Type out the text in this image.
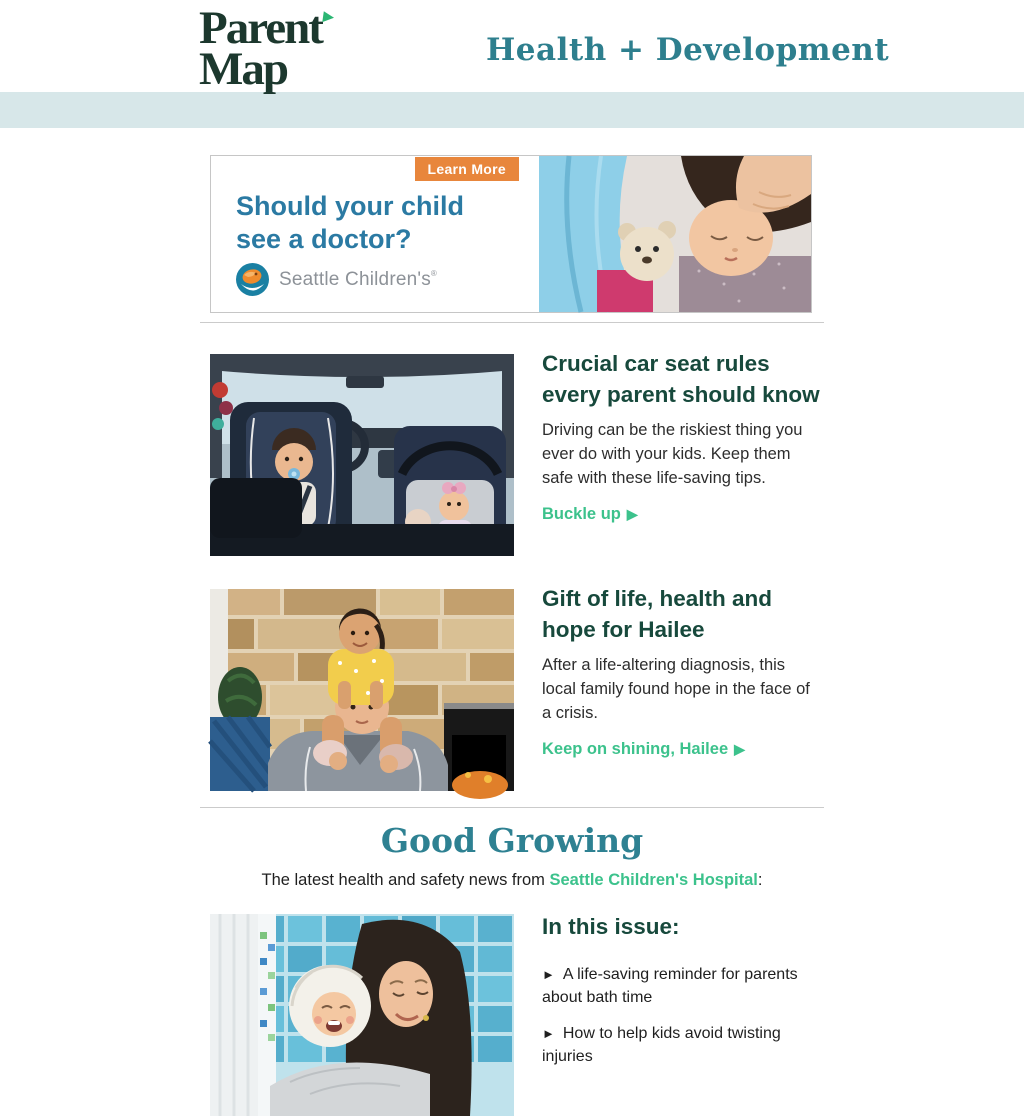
Parent

Map	Health + Development
Learn More
Should your child see a doctor?
Seattle Children's®
Crucial car seat rules every parent should know
Driving can be the riskiest thing you ever do with your kids. Keep them safe with these life-saving tips.
Buckle up ▶
Gift of life, health and hope for Hailee
After a life-altering diagnosis, this local family found hope in the face of a crisis.
Keep on shining, Hailee ▶
Good Growing
The latest health and safety news from Seattle Children's Hospital:
In this issue:
► A life-saving reminder for parents about bath time
► How to help kids avoid twisting injuries
